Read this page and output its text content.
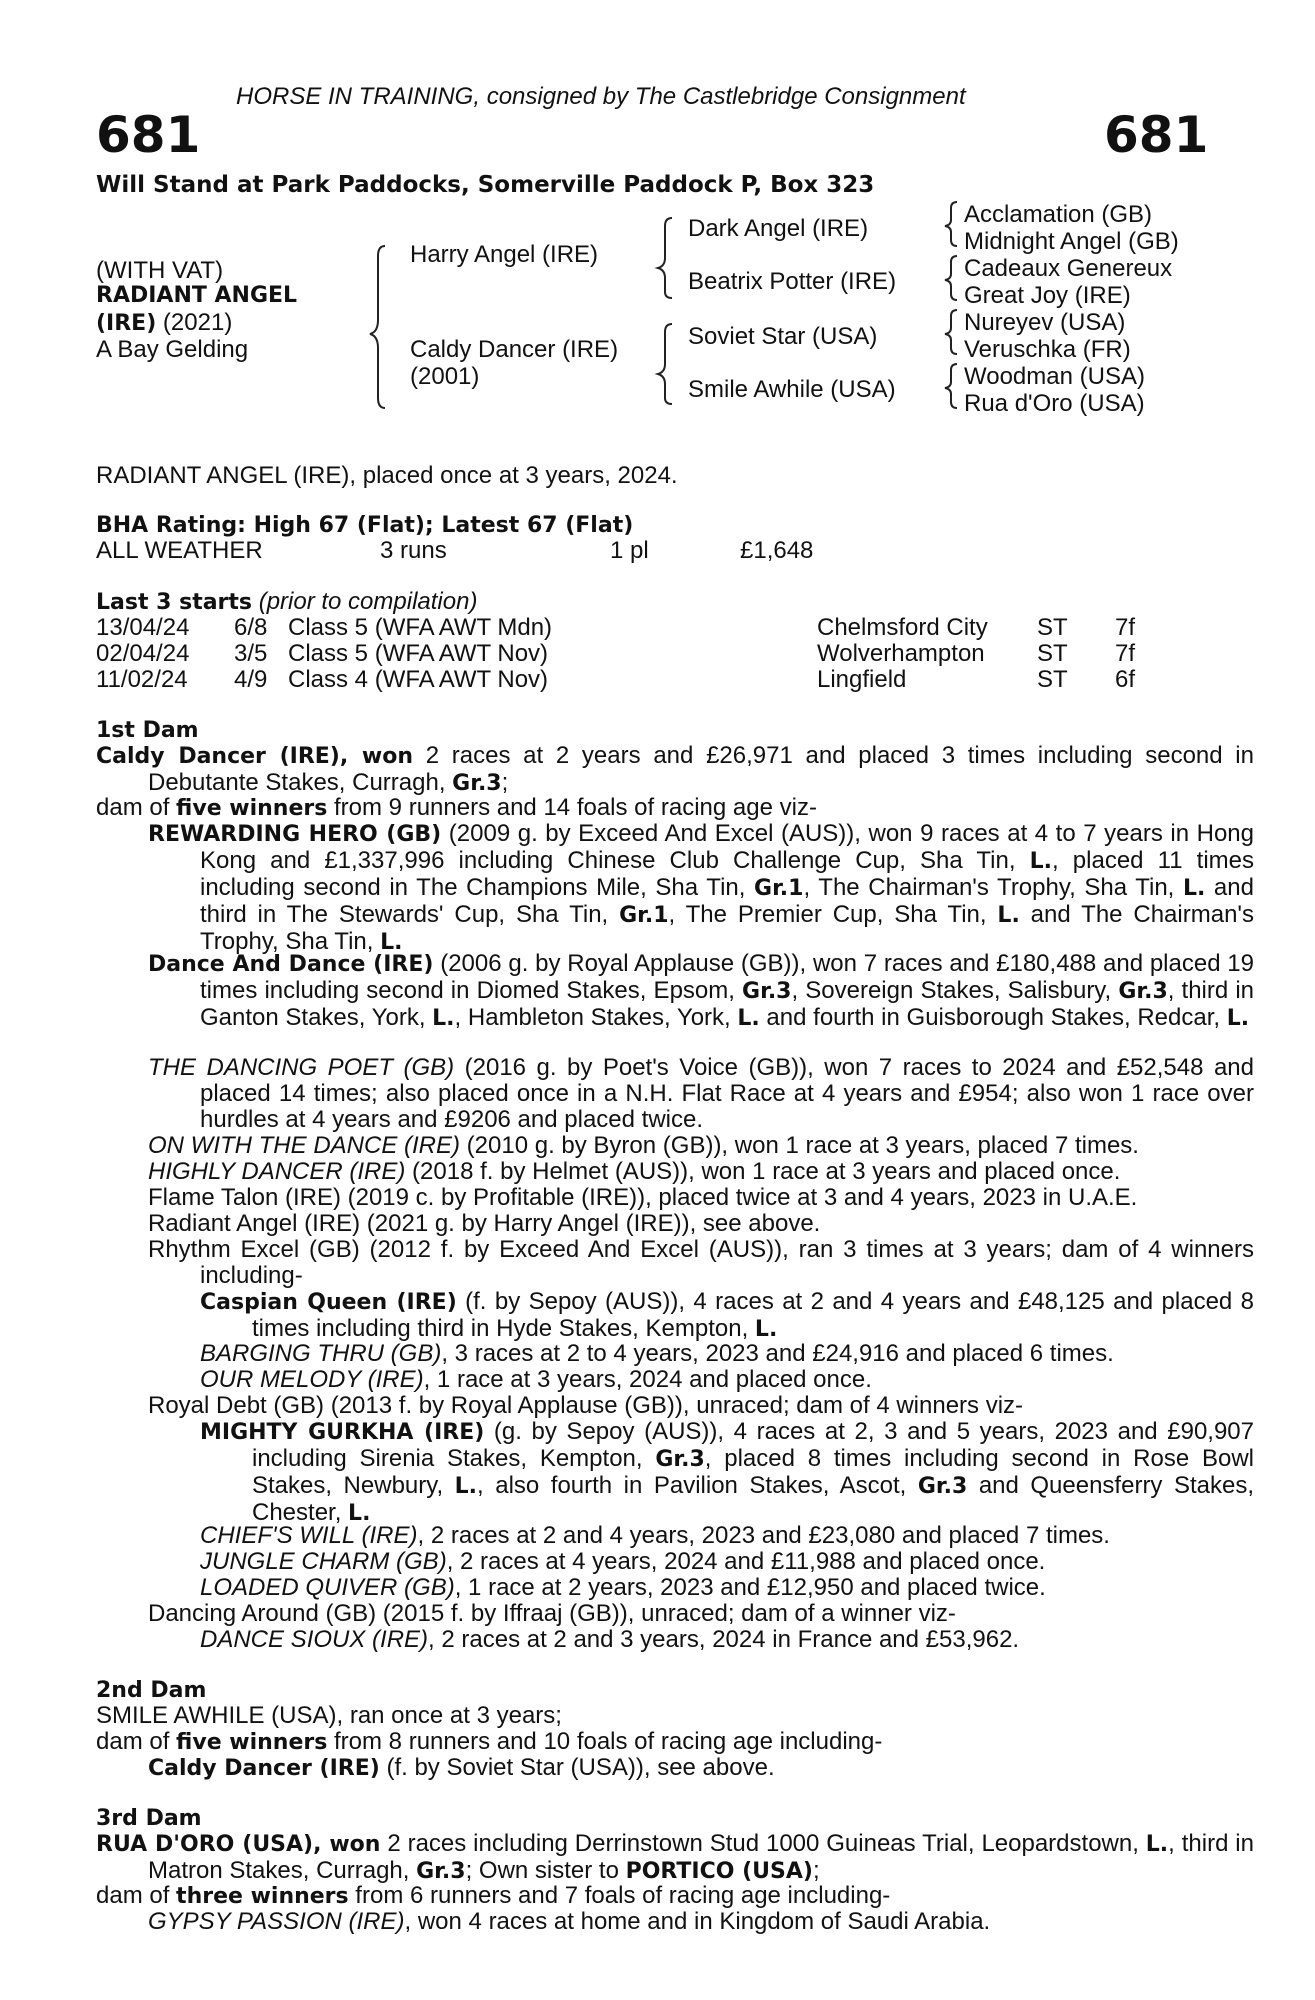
HORSE IN TRAINING, consigned by The Castlebridge Consignment
681	681
Will Stand at Park Paddocks, Somerville Paddock P, Box 323
(WITH VAT)
RADIANT ANGEL
(IRE) (2021)
A Bay Gelding
Harry Angel (IRE)
Caldy Dancer (IRE)
(2001)
Dark Angel (IRE)
Beatrix Potter (IRE)
Soviet Star (USA)
Smile Awhile (USA)
Acclamation (GB)
Midnight Angel (GB)
Cadeaux Genereux
Great Joy (IRE)
Nureyev (USA)
Veruschka (FR)
Woodman (USA)
Rua d'Oro (USA)
RADIANT ANGEL (IRE), placed once at 3 years, 2024.
BHA Rating: High 67 (Flat); Latest 67 (Flat)
ALL WEATHER	3 runs	1 pl	£1,648
Last 3 starts (prior to compilation)
13/04/24 6/8 Class 5 (WFA AWT Mdn)	Chelmsford City ST 7f
02/04/24 3/5 Class 5 (WFA AWT Nov)	Wolverhampton ST 7f
11/02/24 4/9 Class 4 (WFA AWT Nov)	Lingfield	ST 6f
1st Dam
Caldy Dancer (IRE), won 2 races at 2 years and £26,971 and placed 3 times including second in Debutante Stakes, Curragh, Gr.3;
dam of five winners from 9 runners and 14 foals of racing age viz-
REWARDING HERO (GB) (2009 g. by Exceed And Excel (AUS)), won 9 races at 4 to 7 years in Hong Kong and £1,337,996 including Chinese Club Challenge Cup, Sha Tin, L., placed 11 times including second in The Champions Mile, Sha Tin, Gr.1, The Chairman's Trophy, Sha Tin, L. and third in The Stewards' Cup, Sha Tin, Gr.1, The Premier Cup, Sha Tin, L. and The Chairman's Trophy, Sha Tin, L.
Dance And Dance (IRE) (2006 g. by Royal Applause (GB)), won 7 races and £180,488 and placed 19 times including second in Diomed Stakes, Epsom, Gr.3, Sovereign Stakes, Salisbury, Gr.3, third in Ganton Stakes, York, L., Hambleton Stakes, York, L. and fourth in Guisborough Stakes, Redcar, L.
THE DANCING POET (GB) (2016 g. by Poet's Voice (GB)), won 7 races to 2024 and £52,548 and placed 14 times; also placed once in a N.H. Flat Race at 4 years and £954; also won 1 race over hurdles at 4 years and £9206 and placed twice.
ON WITH THE DANCE (IRE) (2010 g. by Byron (GB)), won 1 race at 3 years, placed 7 times.
HIGHLY DANCER (IRE) (2018 f. by Helmet (AUS)), won 1 race at 3 years and placed once.
Flame Talon (IRE) (2019 c. by Profitable (IRE)), placed twice at 3 and 4 years, 2023 in U.A.E.
Radiant Angel (IRE) (2021 g. by Harry Angel (IRE)), see above.
Rhythm Excel (GB) (2012 f. by Exceed And Excel (AUS)), ran 3 times at 3 years; dam of 4 winners including-
Caspian Queen (IRE) (f. by Sepoy (AUS)), 4 races at 2 and 4 years and £48,125 and placed 8 times including third in Hyde Stakes, Kempton, L.
BARGING THRU (GB), 3 races at 2 to 4 years, 2023 and £24,916 and placed 6 times.
OUR MELODY (IRE), 1 race at 3 years, 2024 and placed once.
Royal Debt (GB) (2013 f. by Royal Applause (GB)), unraced; dam of 4 winners viz-
MIGHTY GURKHA (IRE) (g. by Sepoy (AUS)), 4 races at 2, 3 and 5 years, 2023 and £90,907 including Sirenia Stakes, Kempton, Gr.3, placed 8 times including second in Rose Bowl Stakes, Newbury, L., also fourth in Pavilion Stakes, Ascot, Gr.3 and Queensferry Stakes, Chester, L.
CHIEF'S WILL (IRE), 2 races at 2 and 4 years, 2023 and £23,080 and placed 7 times.
JUNGLE CHARM (GB), 2 races at 4 years, 2024 and £11,988 and placed once.
LOADED QUIVER (GB), 1 race at 2 years, 2023 and £12,950 and placed twice.
Dancing Around (GB) (2015 f. by Iffraaj (GB)), unraced; dam of a winner viz-
DANCE SIOUX (IRE), 2 races at 2 and 3 years, 2024 in France and £53,962.
2nd Dam
SMILE AWHILE (USA), ran once at 3 years;
dam of five winners from 8 runners and 10 foals of racing age including-
Caldy Dancer (IRE) (f. by Soviet Star (USA)), see above.
3rd Dam
RUA D'ORO (USA), won 2 races including Derrinstown Stud 1000 Guineas Trial, Leopardstown, L., third in Matron Stakes, Curragh, Gr.3; Own sister to PORTICO (USA);
dam of three winners from 6 runners and 7 foals of racing age including-
GYPSY PASSION (IRE), won 4 races at home and in Kingdom of Saudi Arabia.
